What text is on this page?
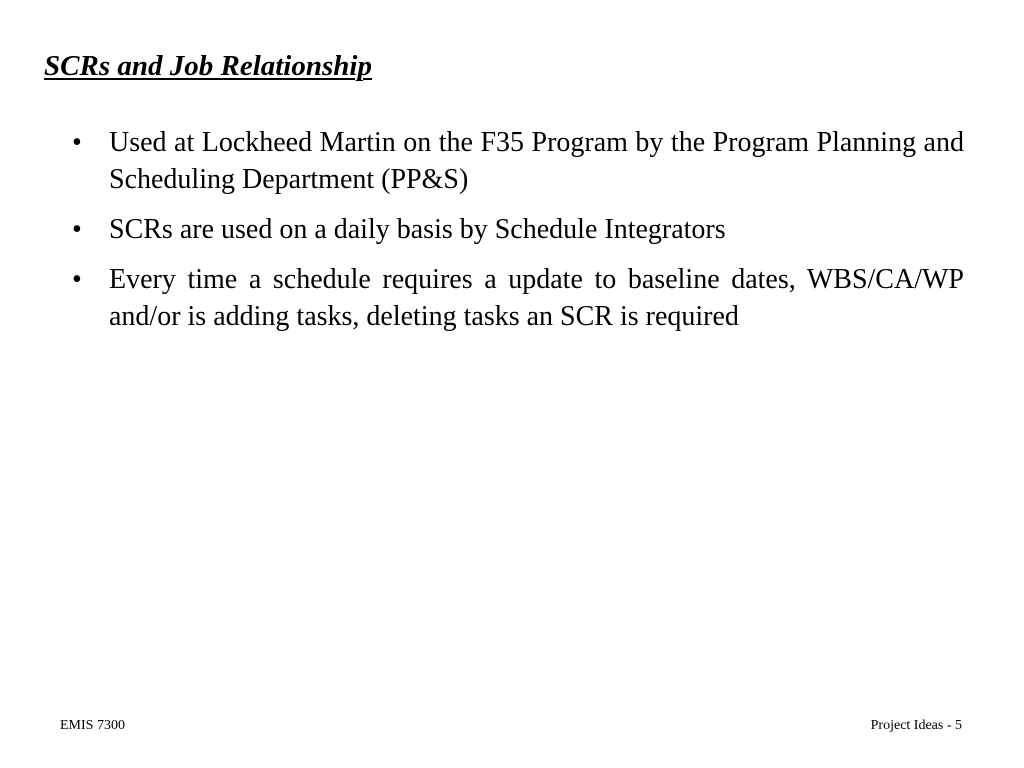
SCRs and Job Relationship
• Used at Lockheed Martin on the F35 Program by the Program Planning and Scheduling Department (PP&S)
• SCRs are used on a daily basis by Schedule Integrators
• Every time a schedule requires a update to baseline dates, WBS/CA/WP and/or is adding tasks, deleting tasks an SCR is required
EMIS 7300	Project Ideas - 5
